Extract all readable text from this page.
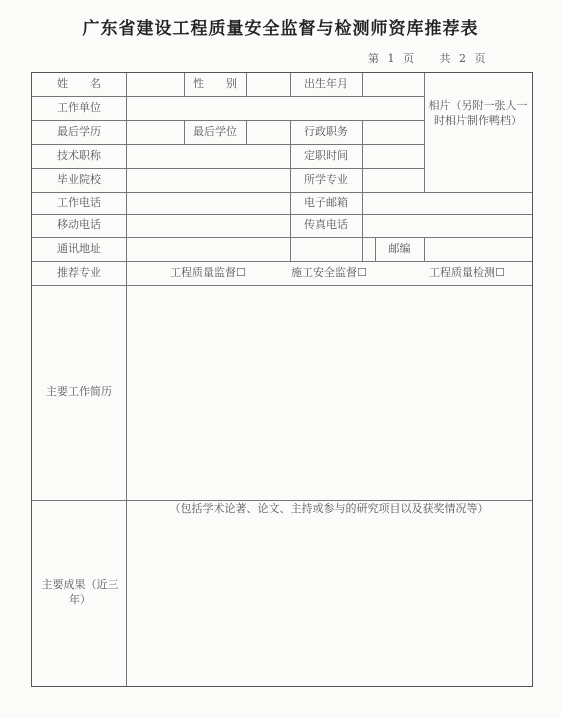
广东省建设工程质量安全监督与检测师资库推荐表
第 1 页 共 2 页
姓　　名	性　　别	出生年月
工作单位	相片（另附一张人一时相片制作鸭档）
最后学历	最后学位	行政职务
技术职称	定职时间
毕业院校	所学专业
工作电话	电子邮箱
移动电话	传真电话
通讯地址	邮编
推荐专业	工程质量监督 ☐	施工安全监督 ☐	工程质量检测 ☐
主要工作简历
主要成果（近三年）
（包括学术论著、论文、主持或参与的研究项目以及获奖情况等）
